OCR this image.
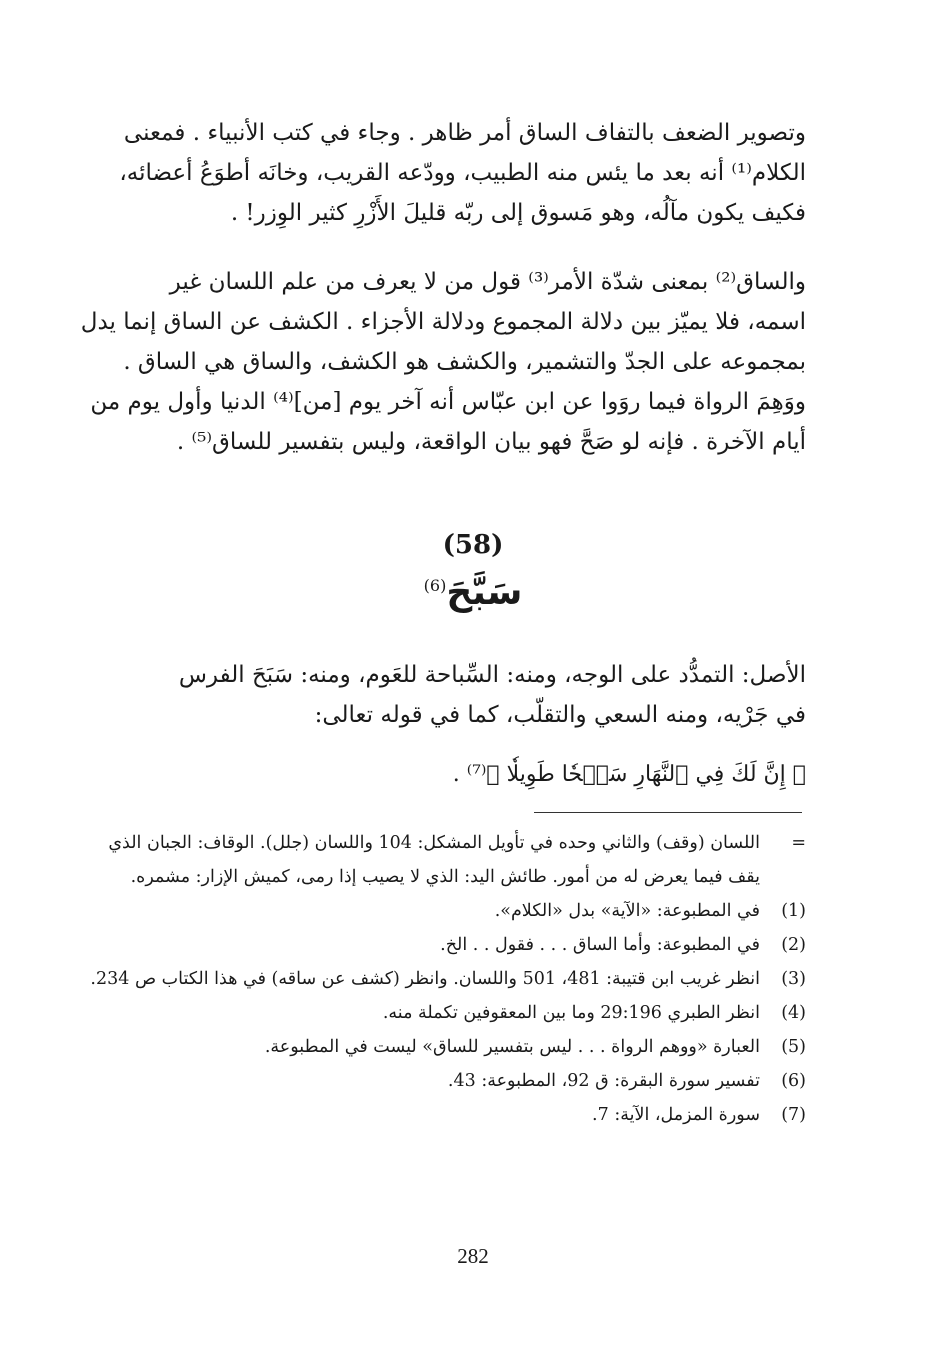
وتصوير الضعف بالتفاف الساق أمر ظاهر . وجاء في كتب الأنبياء . فمعنى
الكلام⁽¹⁾ أنه بعد ما يئس منه الطبيب، وودّعه القريب، وخانَه أطوَعُ أعضائه،
فكيف يكون مآلُه، وهو مَسوق إلى ربّه قليلَ الأَزْرِ كثير الوِزر! .
والساق⁽²⁾ بمعنى شدّة الأمر⁽³⁾ قول من لا يعرف من علم اللسان غير
اسمه، فلا يميّز بين دلالة المجموع ودلالة الأجزاء . الكشف عن الساق إنما يدل
بمجموعه على الجدّ والتشمير، والكشف هو الكشف، والساق هي الساق .
ووَهِمَ الرواة فيما روَوا عن ابن عبّاس أنه آخر يوم [من]⁽⁴⁾ الدنيا وأول يوم من
أيام الآخرة . فإنه لو صَحَّ فهو بيان الواقعة، وليس بتفسير للساق⁽⁵⁾ .
(58)
سَبَّحَ$^{(6)}$
الأصل: التمدُّد على الوجه، ومنه: السِّباحة للعَوم، ومنه: سَبَحَ الفرس
في جَرْيه، ومنه السعي والتقلّب، كما في قوله تعالى:
﴿ إِنَّ لَكَ فِي ٱلنَّهَارِ سَبۡحٗا طَوِيلٗا ﴾⁽⁷⁾ .
=
اللسان (وقف) والثاني وحده في تأويل المشكل: 104 واللسان (جلل). الوقاف: الجبان الذي يقف فيما يعرض له من أمور. طائش اليد: الذي لا يصيب إذا رمى، كميش الإزار: مشمره.
(1)
في المطبوعة: «الآية» بدل «الكلام».
(2)
في المطبوعة: وأما الساق . . . فقول . . الخ.
(3)
انظر غريب ابن قتيبة: 481، 501 واللسان. وانظر (كشف عن ساقه) في هذا الكتاب ص 234.
(4)
انظر الطبري 29:196 وما بين المعقوفين تكملة منه.
(5)
العبارة «ووهم الرواة . . . ليس بتفسير للساق» ليست في المطبوعة.
(6)
تفسير سورة البقرة: ق 92، المطبوعة: 43.
(7)
سورة المزمل، الآية: 7.
282
